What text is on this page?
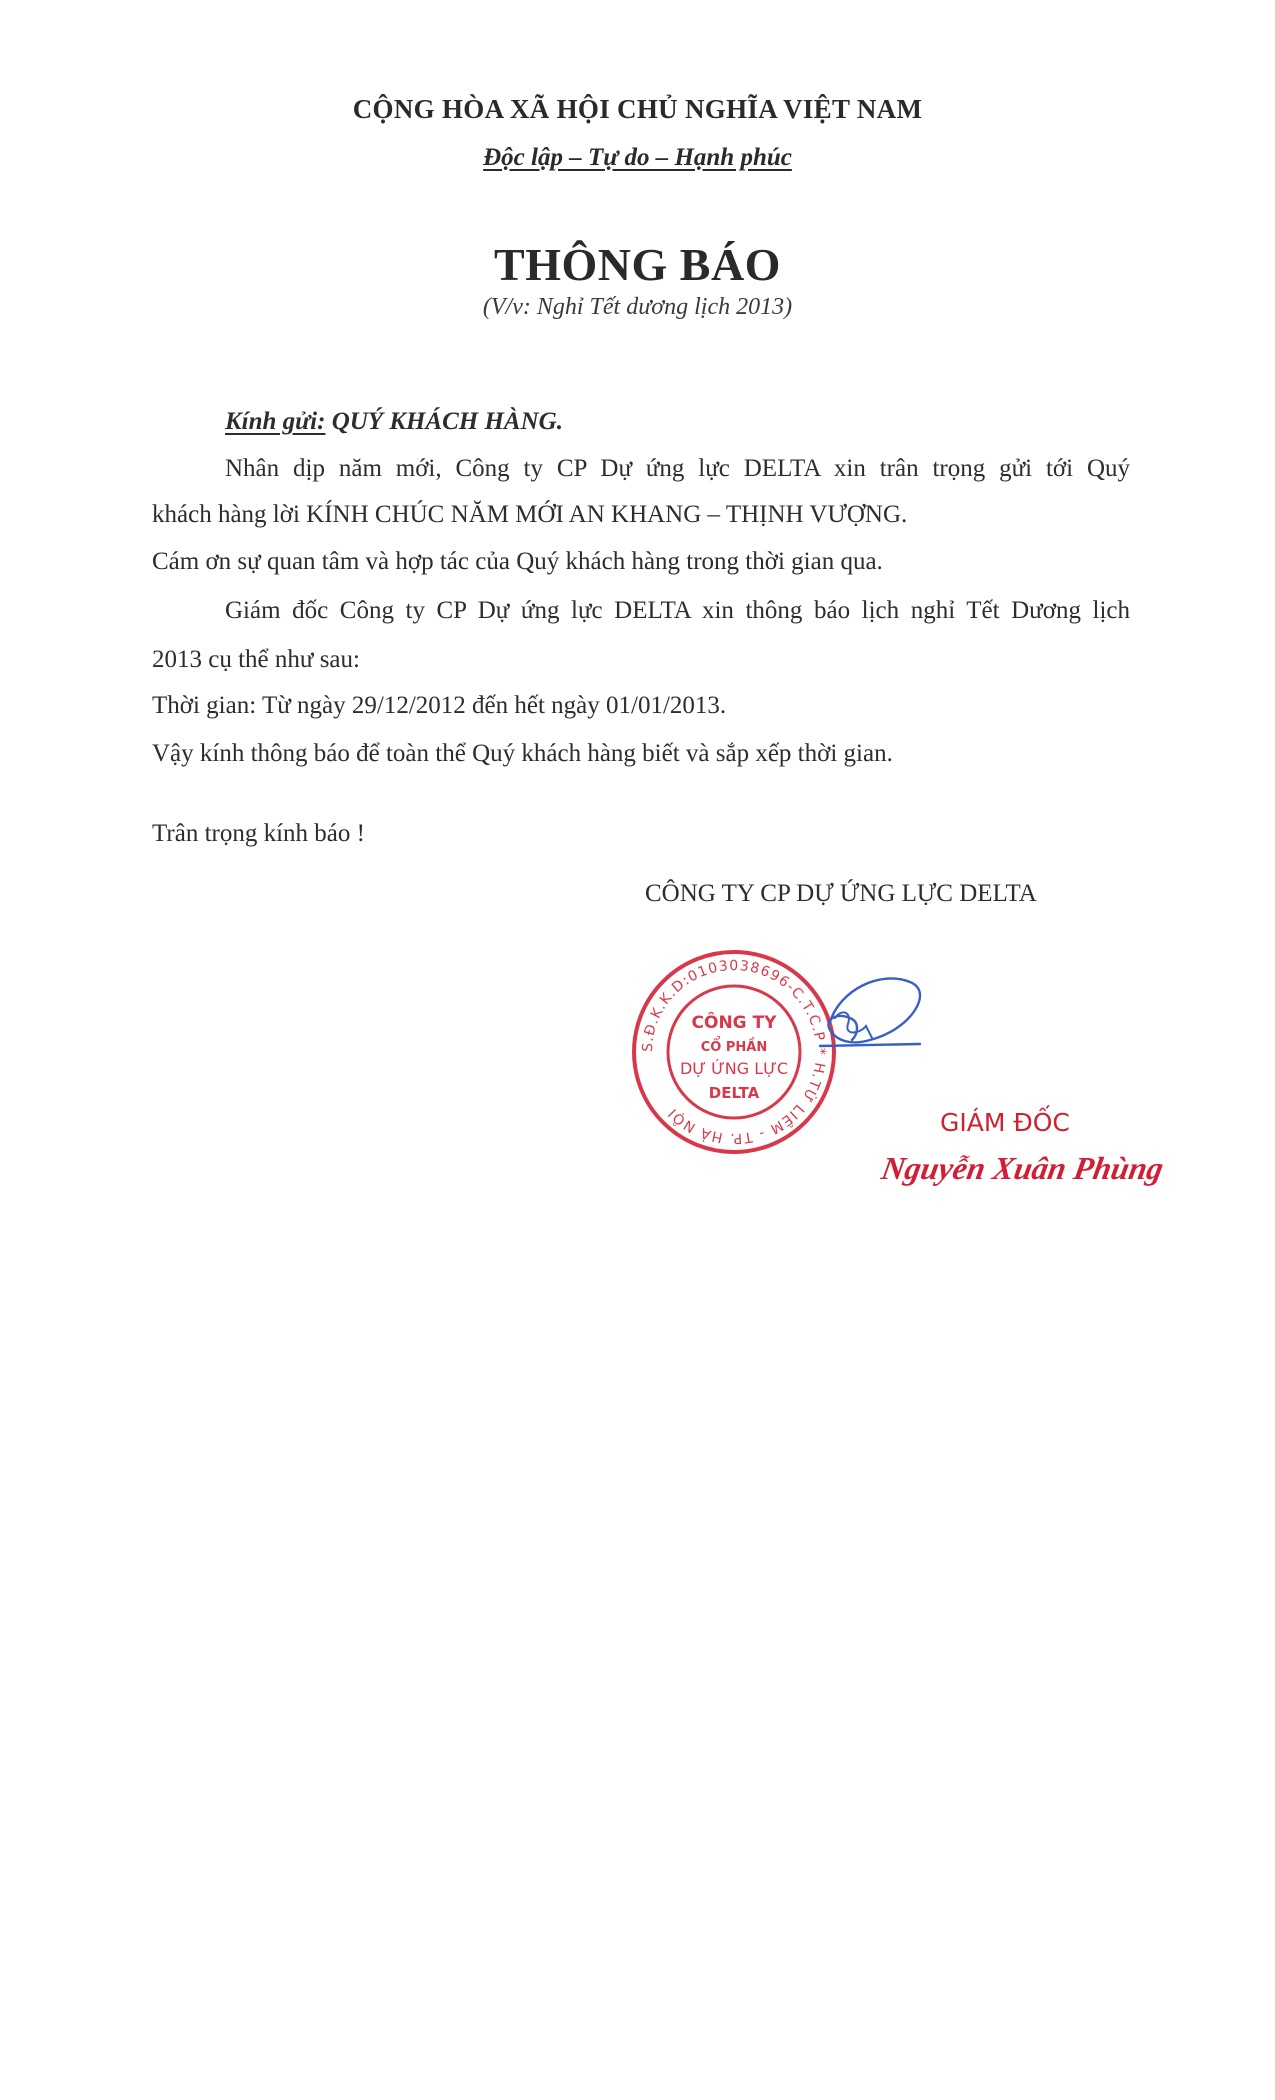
CỘNG HÒA XÃ HỘI CHỦ NGHĨA VIỆT NAM
Độc lập – Tự do – Hạnh phúc
THÔNG BÁO
(V/v: Nghỉ Tết dương lịch 2013)
Kính gửi: QUÝ KHÁCH HÀNG.
Nhân dịp năm mới, Công ty CP Dự ứng lực DELTA xin trân trọng gửi tới Quý
khách hàng lời KÍNH CHÚC NĂM MỚI AN KHANG – THỊNH VƯỢNG.
Cám ơn sự quan tâm và hợp tác của Quý khách hàng trong thời gian qua.
Giám đốc Công ty CP Dự ứng lực DELTA xin thông báo lịch nghỉ Tết Dương lịch
2013 cụ thể như sau:
Thời gian: Từ ngày 29/12/2012 đến hết ngày 01/01/2013.
Vậy kính thông báo để toàn thể Quý khách hàng biết và sắp xếp thời gian.
Trân trọng kính báo !
CÔNG TY CP DỰ ỨNG LỰC DELTA
S.Đ.K.K.D:0103038696-C.T.C.P * H.TỪ LIÊM - TP. HÀ NỘI
CÔNG TY
CỔ PHẦN
DỰ ỨNG LỰC
DELTA
GIÁM ĐỐC
Nguyễn Xuân Phùng
